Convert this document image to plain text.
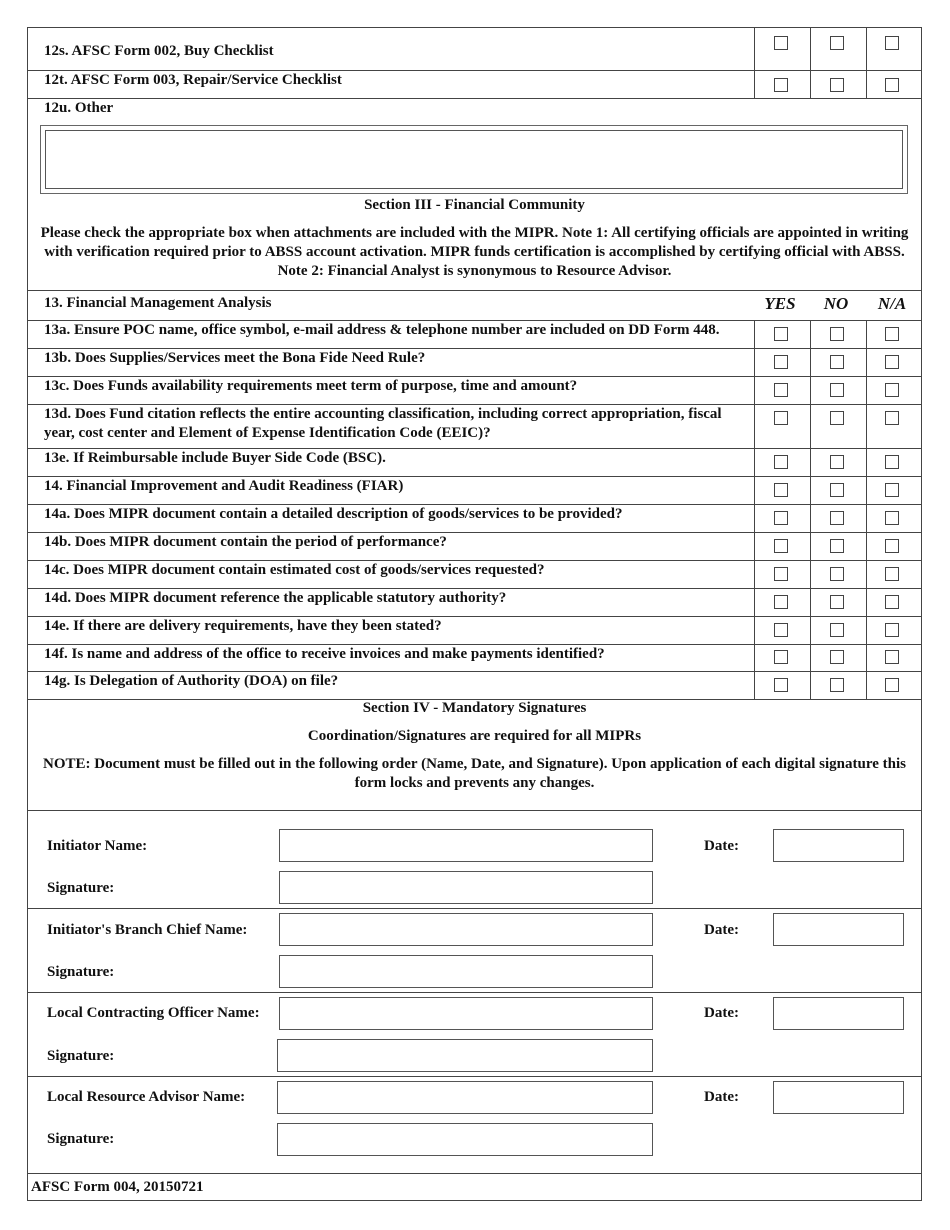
12s. AFSC Form 002, Buy Checklist
12t. AFSC Form 003, Repair/Service Checklist
12u. Other
Section III - Financial Community
Please check the appropriate box when attachments are included with the MIPR. Note 1: All certifying officials are appointed in writing with verification required prior to ABSS account activation. MIPR funds certification is accomplished by certifying official with ABSS. Note 2: Financial Analyst is synonymous to Resource Advisor.
13. Financial Management Analysis	YES	NO	N/A
13a. Ensure POC name, office symbol, e-mail address & telephone number are included on DD Form 448.
13b. Does Supplies/Services meet the Bona Fide Need Rule?
13c. Does Funds availability requirements meet term of purpose, time and amount?
13d. Does Fund citation reflects the entire accounting classification, including correct appropriation, fiscal year, cost center and Element of Expense Identification Code (EEIC)?
13e. If Reimbursable include Buyer Side Code (BSC).
14. Financial Improvement and Audit Readiness (FIAR)
14a. Does MIPR document contain a detailed description of goods/services to be provided?
14b. Does MIPR document contain the period of performance?
14c. Does MIPR document contain estimated cost of goods/services requested?
14d. Does MIPR document reference the applicable statutory authority?
14e. If there are delivery requirements, have they been stated?
14f. Is name and address of the office to receive invoices and make payments identified?
14g. Is Delegation of Authority (DOA) on file?
Section IV - Mandatory Signatures
Coordination/Signatures are required for all MIPRs
NOTE: Document must be filled out in the following order (Name, Date, and Signature). Upon application of each digital signature this form locks and prevents any changes.
Initiator Name:	Date:
Signature:
Initiator's Branch Chief Name:	Date:
Signature:
Local Contracting Officer Name:	Date:
Signature:
Local Resource Advisor Name:	Date:
Signature:
AFSC Form 004, 20150721
